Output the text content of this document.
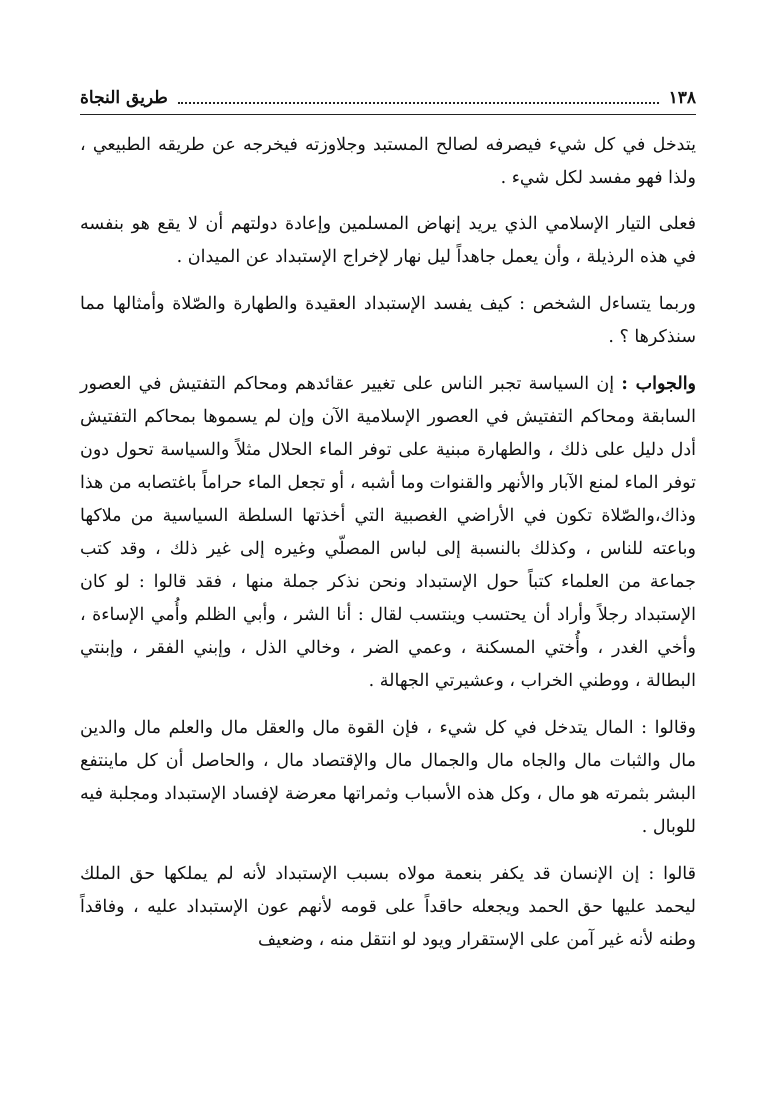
١٣٨
طريق النجاة

يتدخل في كل شيء فيصرفه لصالح المستبد وجلاوزته فيخرجه عن طريقه الطبيعي ، ولذا فهو مفسد لكل شيء .

فعلى التيار الإسلامي الذي يريد إنهاض المسلمين وإعادة دولتهم أن لا يقع هو بنفسه في هذه الرذيلة ، وأن يعمل جاهداً ليل نهار لإخراج الإستبداد عن الميدان .

وربما يتساءل الشخص : كيف يفسد الإستبداد العقيدة والطهارة والصّلاة وأمثالها مما سنذكرها ؟ .

والجواب : إن السياسة تجبر الناس على تغيير عقائدهم ومحاكم التفتيش في العصور السابقة ومحاكم التفتيش في العصور الإسلامية الآن وإن لم يسموها بمحاكم التفتيش أدل دليل على ذلك ، والطهارة مبنية على توفر الماء الحلال مثلاً والسياسة تحول دون توفر الماء لمنع الآبار والأنهر والقنوات وما أشبه ، أو تجعل الماء حراماً باغتصابه من هذا وذاك،والصّلاة تكون في الأراضي الغصبية التي أخذتها السلطة السياسية من ملاكها وباعته للناس ، وكذلك بالنسبة إلى لباس المصلّي وغيره إلى غير ذلك ، وقد كتب جماعة من العلماء كتباً حول الإستبداد ونحن نذكر جملة منها ، فقد قالوا : لو كان الإستبداد رجلاً وأراد أن يحتسب وينتسب لقال : أنا الشر ، وأبي الظلم وأُمي الإساءة ، وأخي الغدر ، وأُختي المسكنة ، وعمي الضر ، وخالي الذل ، وإبني الفقر ، وإبنتي البطالة ، ووطني الخراب ، وعشيرتي الجهالة .

وقالوا : المال يتدخل في كل شيء ، فإن القوة مال والعقل مال والعلم مال والدين مال والثبات مال والجاه مال والجمال مال والإقتصاد مال ، والحاصل أن كل ماينتفع البشر بثمرته هو مال ، وكل هذه الأسباب وثمراتها معرضة لإفساد الإستبداد ومجلبة فيه للوبال .

قالوا : إن الإنسان قد يكفر بنعمة مولاه بسبب الإستبداد لأنه لم يملكها حق الملك ليحمد عليها حق الحمد ويجعله حاقداً على قومه لأنهم عون الإستبداد عليه ، وفاقداً وطنه لأنه غير آمن على الإستقرار ويود لو انتقل منه ، وضعيف
